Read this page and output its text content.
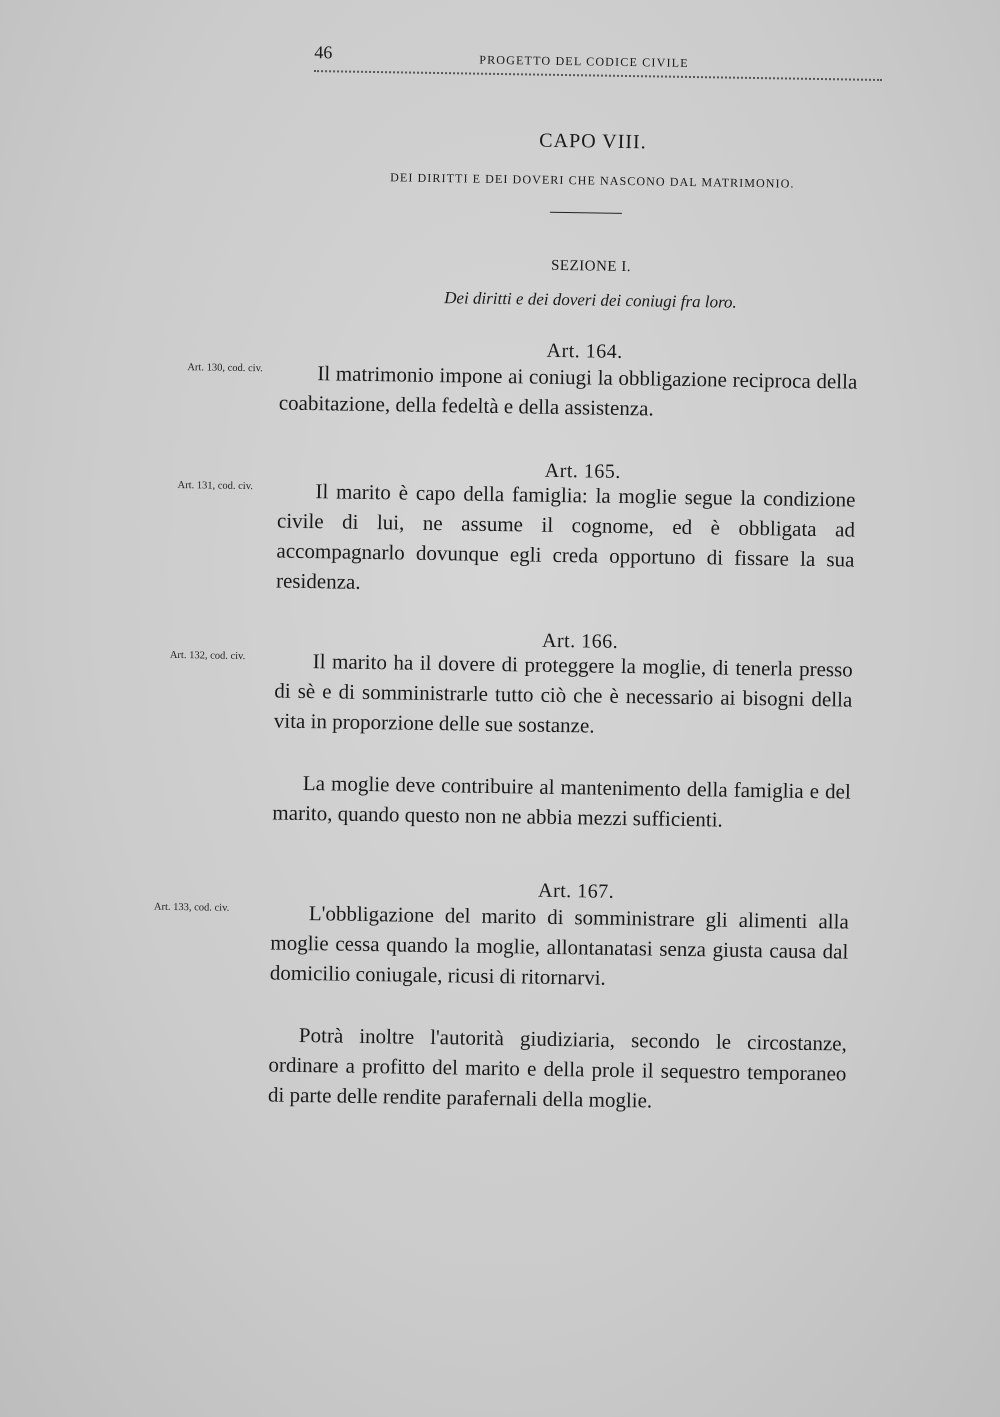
46	PROGETTO DEL CODICE CIVILE
CAPO VIII.
DEI DIRITTI E DEI DOVERI CHE NASCONO DAL MATRIMONIO.
SEZIONE I.
Dei diritti e dei doveri dei coniugi fra loro.
Art. 164.
Art. 130, cod. civ.	Il matrimonio impone ai coniugi la obbligazione reciproca della coabitazione, della fedeltà e della assistenza.

Art. 165.
Art. 131, cod. civ.	Il marito è capo della famiglia: la moglie segue la condizione civile di lui, ne assume il cognome, ed è obbligata ad accompagnarlo dovunque egli creda opportuno di fissare la sua residenza.

Art. 166.
Art. 132, cod. civ.	Il marito ha il dovere di proteggere la moglie, di tenerla presso di sè e di somministrarle tutto ciò che è necessario ai bisogni della vita in proporzione delle sue sostanze.

La moglie deve contribuire al mantenimento della famiglia e del marito, quando questo non ne abbia mezzi sufficienti.

Art. 167.
Art. 133, cod. civ.	L'obbligazione del marito di somministrare gli alimenti alla moglie cessa quando la moglie, allontanatasi senza giusta causa dal domicilio coniugale, ricusi di ritornarvi.

Potrà inoltre l'autorità giudiziaria, secondo le circostanze, ordinare a profitto del marito e della prole il sequestro temporaneo di parte delle rendite parafernali della moglie.
